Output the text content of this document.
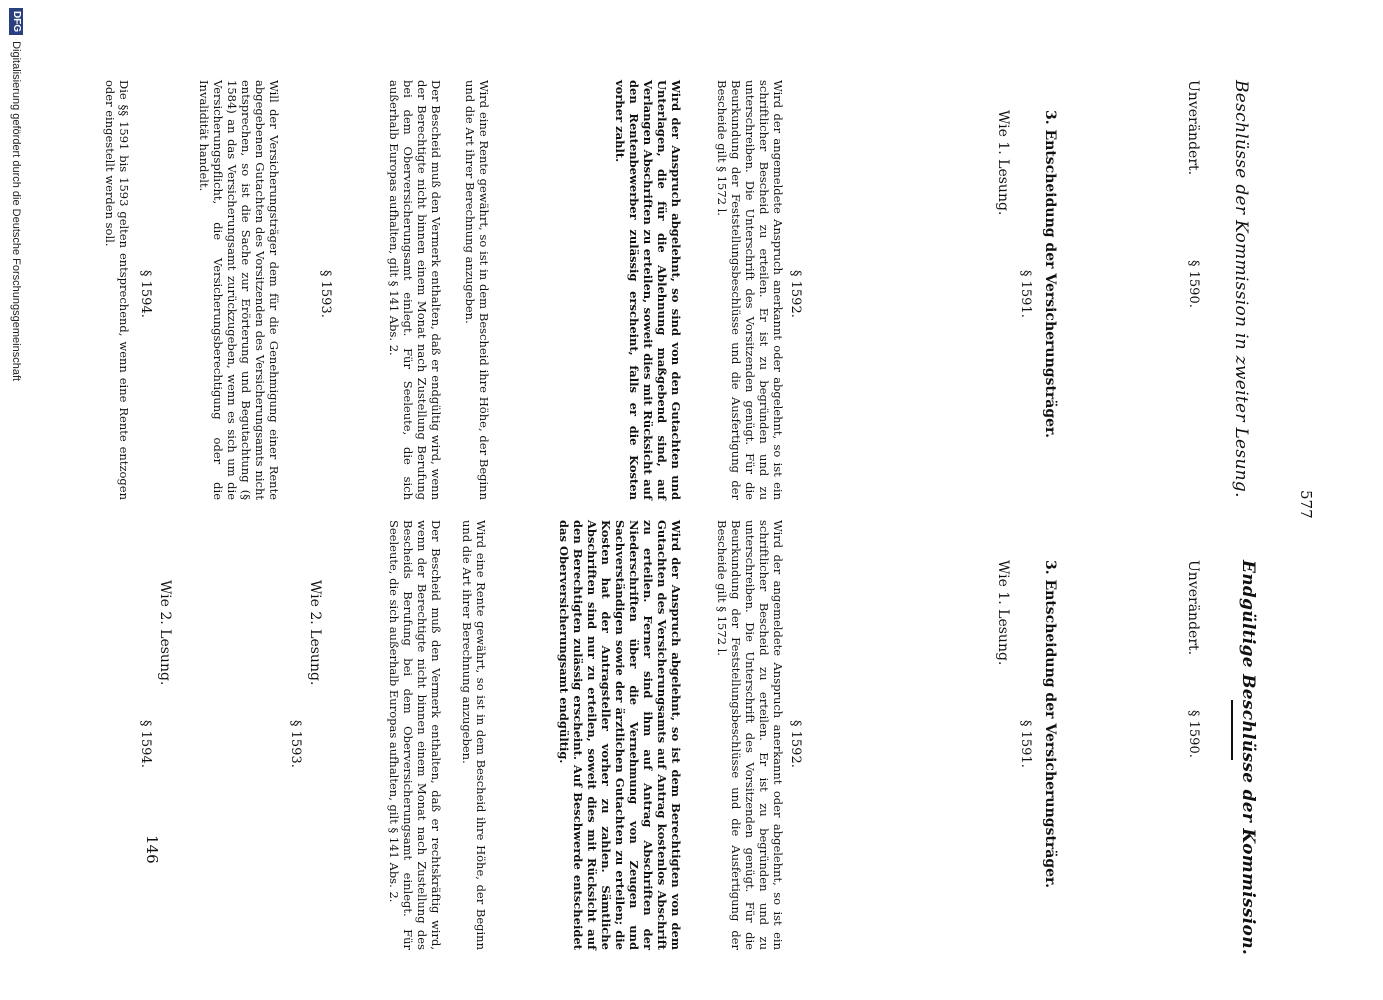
577
Beschlüsse der Kommission in zweiter Lesung.
Unverändert.
§ 1590.
3. Entscheidung der Versicherungsträger.
§ 1591.
Wie 1. Lesung.
§ 1592.
Wird der angemeldete Anspruch anerkannt oder abgelehnt, so ist ein schriftlicher Bescheid zu erteilen. Er ist zu begründen und zu unterschreiben. Die Unterschrift des Vorsitzenden genügt. Für die Beurkundung der Feststellungsbeschlüsse und die Ausfertigung der Bescheide gilt § 1572 l.
Wird der Anspruch abgelehnt, so sind von den Gutachten und Unterlagen, die für die Ablehnung maßgebend sind, auf Verlangen Abschriften zu erteilen, soweit dies mit Rücksicht auf den Rentenbewerber zulässig erscheint, falls er die Kosten vorher zahlt.
§ 1593.	Wird eine Rente gewährt, so ist in dem Bescheid ihre Höhe, der Beginn und die Art ihrer Berechnung anzugeben.
Der Bescheid muß den Vermerk enthalten, daß er endgültig wird, wenn der Berechtigte nicht binnen einem Monat nach Zustellung Berufung bei dem Oberversicherungsamt einlegt. Für Seeleute, die sich außerhalb Europas aufhalten, gilt § 141 Abs. 2.
Will der Versicherungsträger dem für die Genehmigung einer Rente abgegebenen Gutachten des Vorsitzenden des Versicherungsamts nicht entsprechen, so ist die Sache zur Erörterung und Begutachtung (§ 1584) an das Versicherungsamt zurückzugeben, wenn es sich um die Versicherungspflicht, die Versicherungsberechtigung oder die Invalidität handelt.
§ 1594.
Die §§ 1591 bis 1593 gelten entsprechend, wenn eine Rente entzogen oder eingestellt werden soll.
Endgültige Beschlüsse der Kommission.
Unverändert.
§ 1590.
3. Entscheidung der Versicherungsträger.
§ 1591.
Wie 1. Lesung.
§ 1592.
Wird der angemeldete Anspruch anerkannt oder abgelehnt, so ist ein schriftlicher Bescheid zu erteilen. Er ist zu begründen und zu unterschreiben. Die Unterschrift des Vorsitzenden genügt. Für die Beurkundung der Feststellungsbeschlüsse und die Ausfertigung der Bescheide gilt § 1572 l.
Wird der Anspruch abgelehnt, so ist dem Berechtigten von dem Gutachten des Versicherungsamts auf Antrag kostenlos Abschrift zu erteilen. Ferner sind ihm auf Antrag Abschriften der Niederschriften über die Vernehmung von Zeugen und Sachverständigen sowie der ärztlichen Gutachten zu erteilen; die Kosten hat der Antragsteller vorher zu zahlen. Sämtliche Abschriften sind nur zu erteilen, soweit dies mit Rücksicht auf den Berechtigten zulässig erscheint. Auf Beschwerde entscheidet das Oberversicherungsamt endgültig.
Wird eine Rente gewährt, so ist in dem Bescheid ihre Höhe, der Beginn und die Art ihrer Berechnung anzugeben.
Der Bescheid muß den Vermerk enthalten, daß er rechtskräftig wird, wenn der Berechtigte nicht binnen einem Monat nach Zustellung des Bescheids Berufung bei dem Oberversicherungsamt einlegt. Für Seeleute, die sich außerhalb Europas aufhalten, gilt § 141 Abs. 2.
Wie 2. Lesung.
§ 1593.
Wie 2. Lesung.
§ 1594.
146
DFG
Digitalisierung gefördert durch die Deutsche Forschungsgemeinschaft
